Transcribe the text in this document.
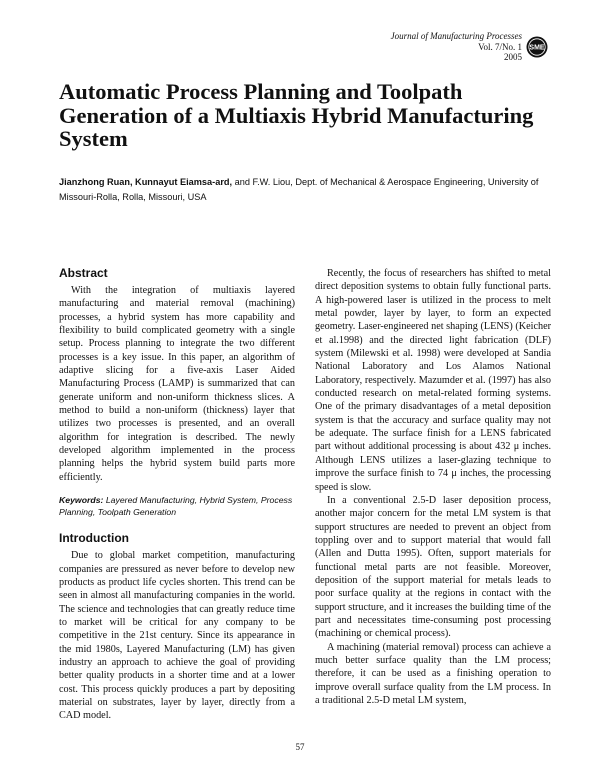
Journal of Manufacturing Processes
Vol. 7/No. 1
2005
SME
Automatic Process Planning and Toolpath Generation of a Multiaxis Hybrid Manufacturing System
Jianzhong Ruan, Kunnayut Eiamsa-ard, and F.W. Liou, Dept. of Mechanical & Aerospace Engineering, University of Missouri-Rolla, Rolla, Missouri, USA
Abstract

With the integration of multiaxis layered manufacturing and material removal (machining) processes, a hybrid system has more capability and flexibility to build complicated geometry with a single setup. Process planning to integrate the two different processes is a key issue. In this paper, an algorithm of adaptive slicing for a five-axis Laser Aided Manufacturing Process (LAMP) is summarized that can generate uniform and non-uniform thickness slices. A method to build a non-uniform (thickness) layer that utilizes two processes is presented, and an overall algorithm for integration is described. The newly developed algorithm implemented in the process planning helps the hybrid system build parts more efficiently.

Keywords: Layered Manufacturing, Hybrid System, Process Planning, Toolpath Generation

Introduction

Due to global market competition, manufacturing companies are pressured as never before to develop new products as product life cycles shorten. This trend can be seen in almost all manufacturing companies in the world. The science and technologies that can greatly reduce time to market will be critical for any company to be competitive in the 21st century. Since its appearance in the mid 1980s, Layered Manufacturing (LM) has given industry an approach to achieve the goal of providing better quality products in a shorter time and at a lower cost. This process quickly produces a part by depositing material on substrates, layer by layer, directly from a CAD model.

Recently, the focus of researchers has shifted to metal direct deposition systems to obtain fully functional parts. A high-powered laser is utilized in the process to melt metal powder, layer by layer, to form an expected geometry. Laser-engineered net shaping (LENS) (Keicher et al.1998) and the directed light fabrication (DLF) system (Milewski et al. 1998) were developed at Sandia National Laboratory and Los Alamos National Laboratory, respectively. Mazumder et al. (1997) has also conducted research on metal-related forming systems. One of the primary disadvantages of a metal deposition system is that the accuracy and surface quality may not be adequate. The surface finish for a LENS fabricated part without additional processing is about 432 μ inches. Although LENS utilizes a laser-glazing technique to improve the surface finish to 74 μ inches, the processing speed is slow.

In a conventional 2.5-D laser deposition process, another major concern for the metal LM system is that support structures are needed to prevent an object from toppling over and to support material that would fall (Allen and Dutta 1995). Often, support materials for functional metal parts are not feasible. Moreover, deposition of the support material for metals leads to poor surface quality at the regions in contact with the support structure, and it increases the building time of the part and necessitates time-consuming post processing (machining or chemical process).

A machining (material removal) process can achieve a much better surface quality than the LM process; therefore, it can be used as a finishing operation to improve overall surface quality from the LM process. In a traditional 2.5-D metal LM system,

57
